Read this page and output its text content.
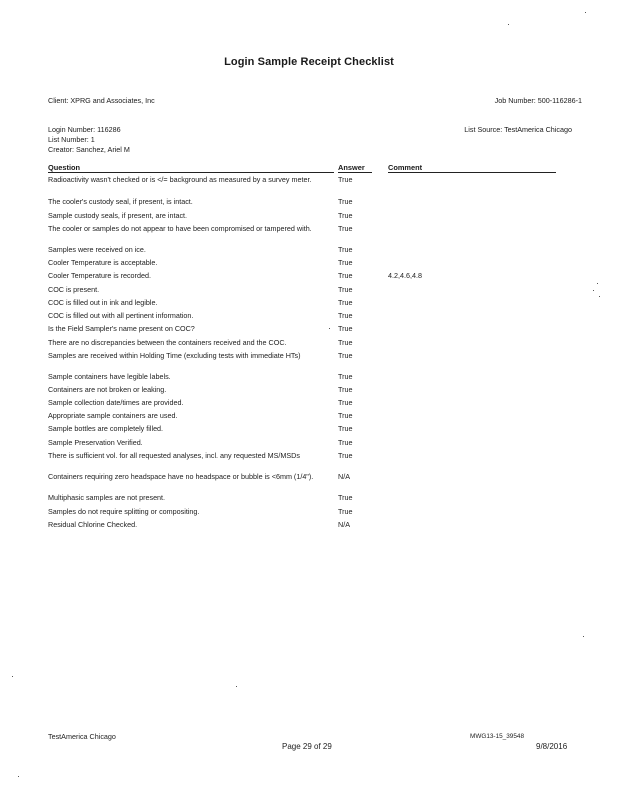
Login Sample Receipt Checklist
Client: XPRG and Associates, Inc	Job Number: 500-116286-1
Login Number: 116286	List Source: TestAmerica Chicago
List Number: 1
Creator: Sanchez, Ariel M
Question	Answer	Comment
Radioactivity wasn't checked or is </= background as measured by a survey meter.	True
The cooler's custody seal, if present, is intact.	True
Sample custody seals, if present, are intact.	True
The cooler or samples do not appear to have been compromised or tampered with.	True
Samples were received on ice.	True
Cooler Temperature is acceptable.	True
Cooler Temperature is recorded.	True	4.2,4.6,4.8
COC is present.	True
COC is filled out in ink and legible.	True
COC is filled out with all pertinent information.	True
Is the Field Sampler's name present on COC?	True
There are no discrepancies between the containers received and the COC.	True
Samples are received within Holding Time (excluding tests with immediate HTs)	True
Sample containers have legible labels.	True
Containers are not broken or leaking.	True
Sample collection date/times are provided.	True
Appropriate sample containers are used.	True
Sample bottles are completely filled.	True
Sample Preservation Verified.	True
There is sufficient vol. for all requested analyses, incl. any requested MS/MSDs	True
Containers requiring zero headspace have no headspace or bubble is <6mm (1/4").	N/A
Multiphasic samples are not present.	True
Samples do not require splitting or compositing.	True
Residual Chlorine Checked.	N/A
TestAmerica Chicago
Page 29 of 29
MWG13-15_39548
9/8/2016
